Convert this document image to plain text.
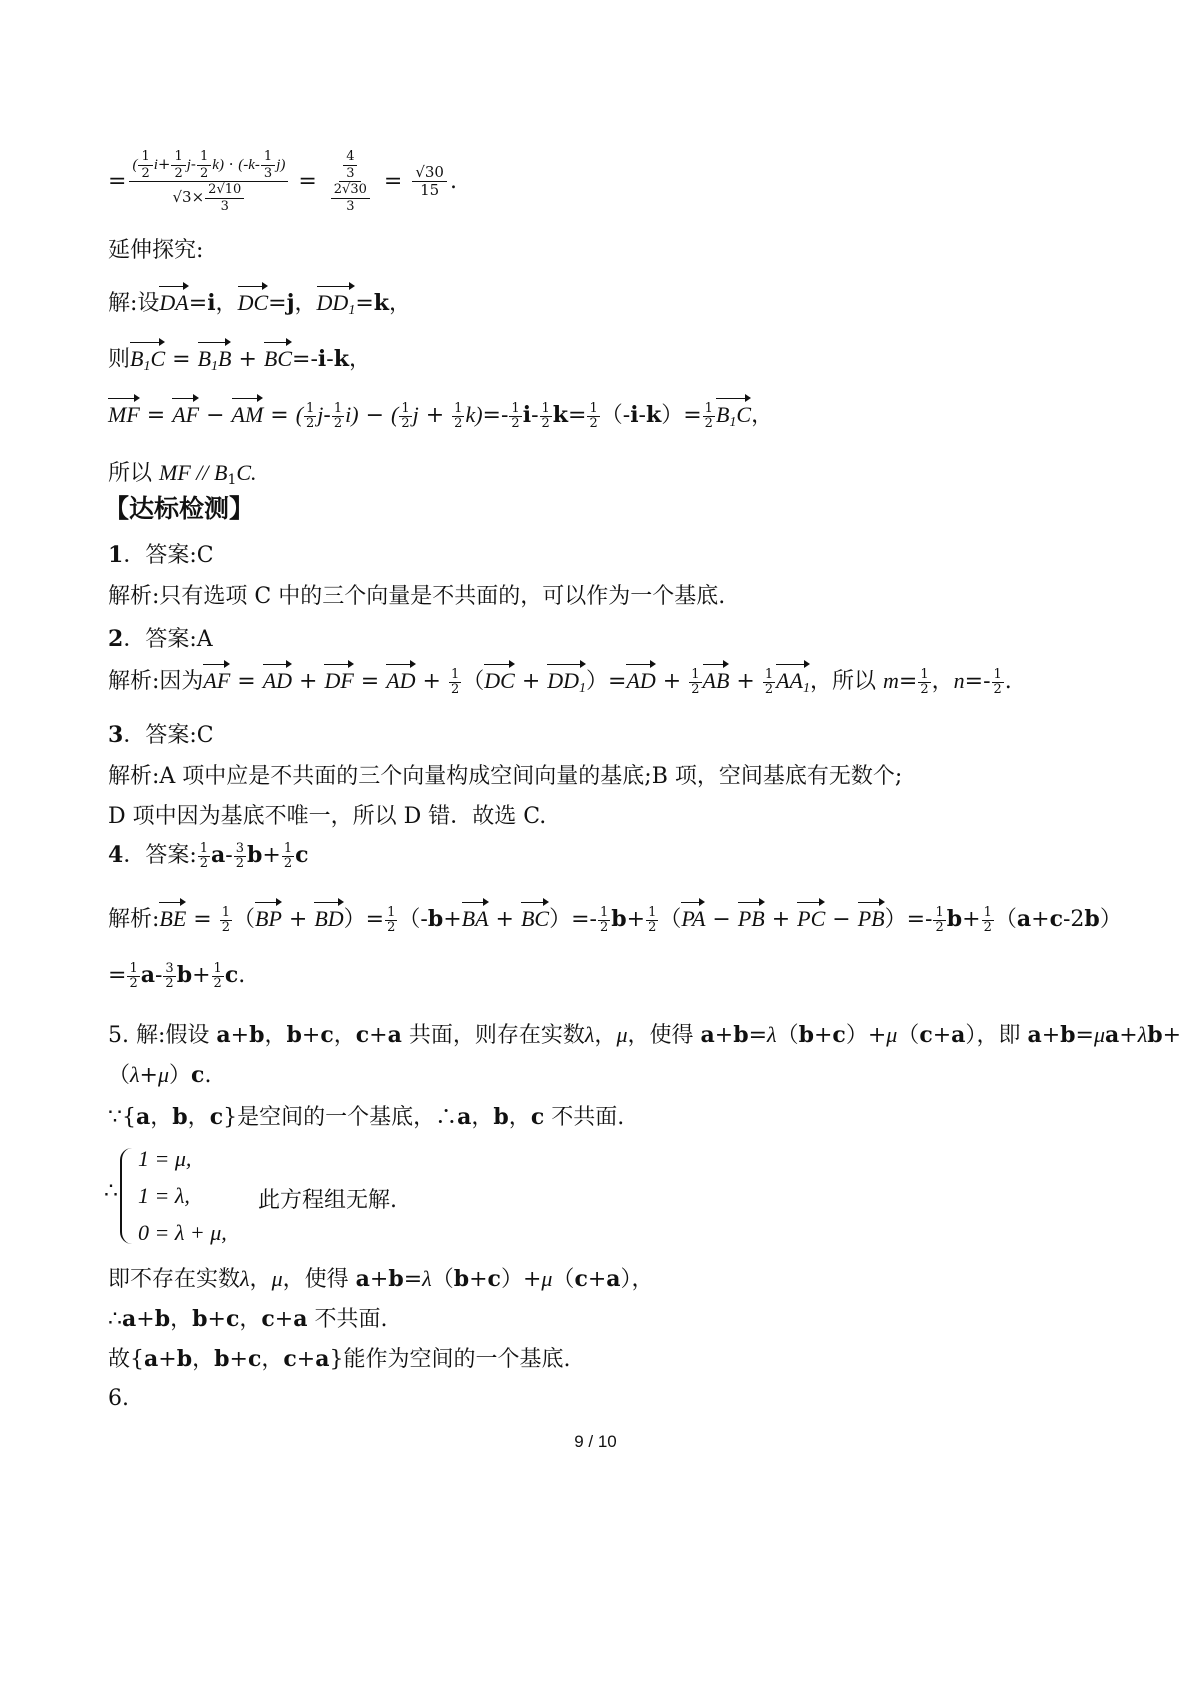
= $\frac{( \frac{1}{2} i+ \frac{1}{2} j- \frac{1}{2} k) \cdot (-k- \frac{1}{3} j)}{√3\times \frac{2√10}{3}} = \frac{\frac{4}{3}}{\frac{2√30}{3}} = \frac{√30}{15}$ .
延伸探究:
解:设DA=i，DC=j，$DD_1=k$，
则$B_1C = B_1B + BC=-i-k$，
MF = AF − AM = ( $\frac{1}{2} j- \frac{1}{2} i$) − ( $\frac{1}{2}$ $j + \frac{1}{2} k)=- \frac{1}{2} i- \frac{1}{2} k= \frac{1}{2} (-i-k)= \frac{1}{2} B_1C$，
所以 MF // B1C.
【达标检测】
1．答案:C
解析:只有选项 C 中的三个向量是不共面的，可以作为一个基底.
2．答案:A
解析:因为AF = AD + DF = AD + $\frac{1}{2} (DC + DD_1)=AD + \frac{1}{2}$ AB + $\frac{1}{2} AA_1$，所以 $m= \frac{1}{2}$ ，$n=- \frac{1}{2}$ .
3．答案:C
解析:A 项中应是不共面的三个向量构成空间向量的基底;B 项，空间基底有无数个;
D 项中因为基底不唯一，所以 D 错．故选 C.
4．答案: $\frac{1}{2} a- \frac{3}{2} b+ \frac{1}{2}$ c
解析:BE = $\frac{1}{2} (BP + BD)= \frac{1}{2} (-b+BA + BC)=- \frac{1}{2} b+ \frac{1}{2} (PA$ − PB + PC − $PB)=- \frac{1}{2} b+ \frac{1}{2} (a+c-2b)$
= $\frac{1}{2} a- \frac{3}{2} b+ \frac{1}{2} c$.
5. 解:假设 a+b，b+c，c+a 共面，则存在实数λ，μ，使得 a+b=λ（b+c）+μ（c+a），即 a+b=μa+λb+
（λ+μ）c.
∵{a，b，c}是空间的一个基底，∴a，b，c 不共面.
∴
1 = μ,
1 = λ,
0 = λ + μ,
此方程组无解.
即不存在实数λ，μ，使得 a+b=λ（b+c）+μ（c+a），
∴a+b，b+c，c+a 不共面.
故{a+b，b+c，c+a}能作为空间的一个基底.
6.
9 / 10
